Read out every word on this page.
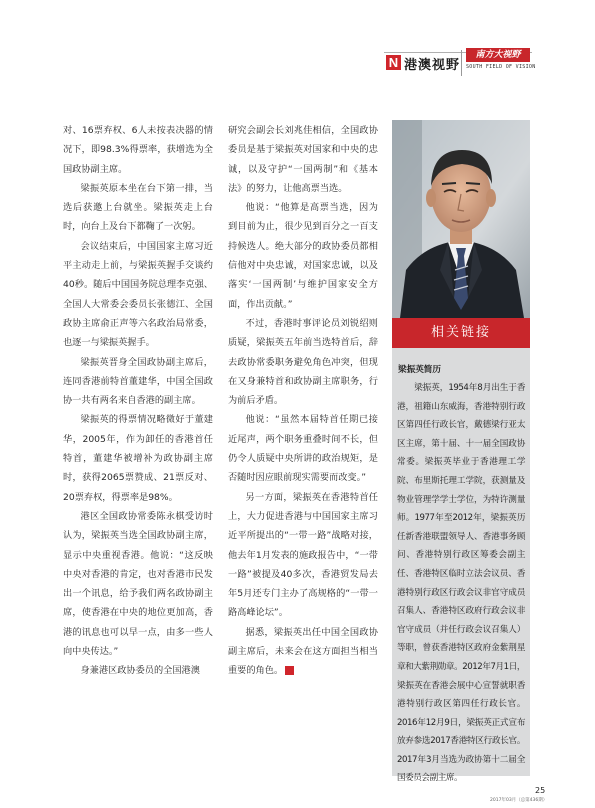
N 港澳视野
南方大视野
SOUTH FIELD OF VISION

对、16票弃权、6人未按表决器的情况下，即98.3%得票率，获增选为全国政协副主席。

梁振英原本坐在台下第一排，当选后获邀上台就坐。梁振英走上台时，向台上及台下都鞠了一次躬。

会议结束后，中国国家主席习近平主动走上前，与梁振英握手交谈约40秒。随后中国国务院总理李克强、全国人大常委会委员长张德江、全国政协主席俞正声等六名政治局常委，也逐一与梁振英握手。

梁振英晋身全国政协副主席后，连同香港前特首董建华，中国全国政协一共有两名来自香港的副主席。

梁振英的得票情况略微好于董建华，2005年，作为卸任的香港首任特首，董建华被增补为政协副主席时，获得2065票赞成、21票反对、20票弃权，得票率是98%。

港区全国政协常委陈永棋受访时认为，梁振英当选全国政协副主席，显示中央重视香港。他说：“这反映中央对香港的肯定，也对香港市民发出一个讯息，给予我们两名政协副主席，使香港在中央的地位更加高，香港的讯息也可以早一点，由多一些人向中央传达。”

身兼港区政协委员的全国港澳

研究会副会长刘兆佳相信，全国政协委员是基于梁振英对国家和中央的忠诚，以及守护“一国两制”和《基本法》的努力，让他高票当选。

他说：“他算是高票当选，因为到目前为止，很少见到百分之一百支持候选人。绝大部分的政协委员都相信他对中央忠诚，对国家忠诚，以及落实‘一国两制’与维护国家安全方面，作出贡献。”

不过，香港时事评论员刘锐绍则质疑，梁振英五年前当选特首后，辞去政协常委职务避免角色冲突，但现在又身兼特首和政协副主席职务，行为前后矛盾。

他说：“虽然本届特首任期已接近尾声，两个职务重叠时间不长，但仍令人质疑中央所讲的政治规矩，是否随时因应眼前现实需要而改变。”

另一方面，梁振英在香港特首任上，大力促进香港与中国国家主席习近平所提出的“一带一路”战略对接，他去年1月发表的施政报告中，“一带一路”被提及40多次，香港贸发局去年5月还专门主办了高规格的“一带一路高峰论坛”。

据悉，梁振英出任中国全国政协副主席后，未来会在这方面担当相当重要的角色。	N

相关链接
梁振英简历

梁振英，1954年8月出生于香港，祖籍山东威海，香港特别行政区第四任行政长官，戴德梁行亚太区主席，第十届、十一届全国政协常委。梁振英毕业于香港理工学院、布里斯托理工学院，获测量及物业管理学学士学位，为特许测量师。1977年至2012年，梁振英历任新香港联盟领导人、香港事务顾问、香港特别行政区筹委会副主任、香港特区临时立法会议员、香港特别行政区行政会议非官守成员召集人、香港特区政府行政会议非官守成员（并任行政会议召集人）等职，曾获香港特区政府金紫荆星章和大紫荆勋章。2012年7月1日，梁振英在香港会展中心宣誓就职香港特别行政区第四任行政长官。2016年12月9日，梁振英正式宣布放弃参选2017香港特区行政长官。2017年3月当选为政协第十二届全国委员会副主席。

25
2017年03月（总第436期）
